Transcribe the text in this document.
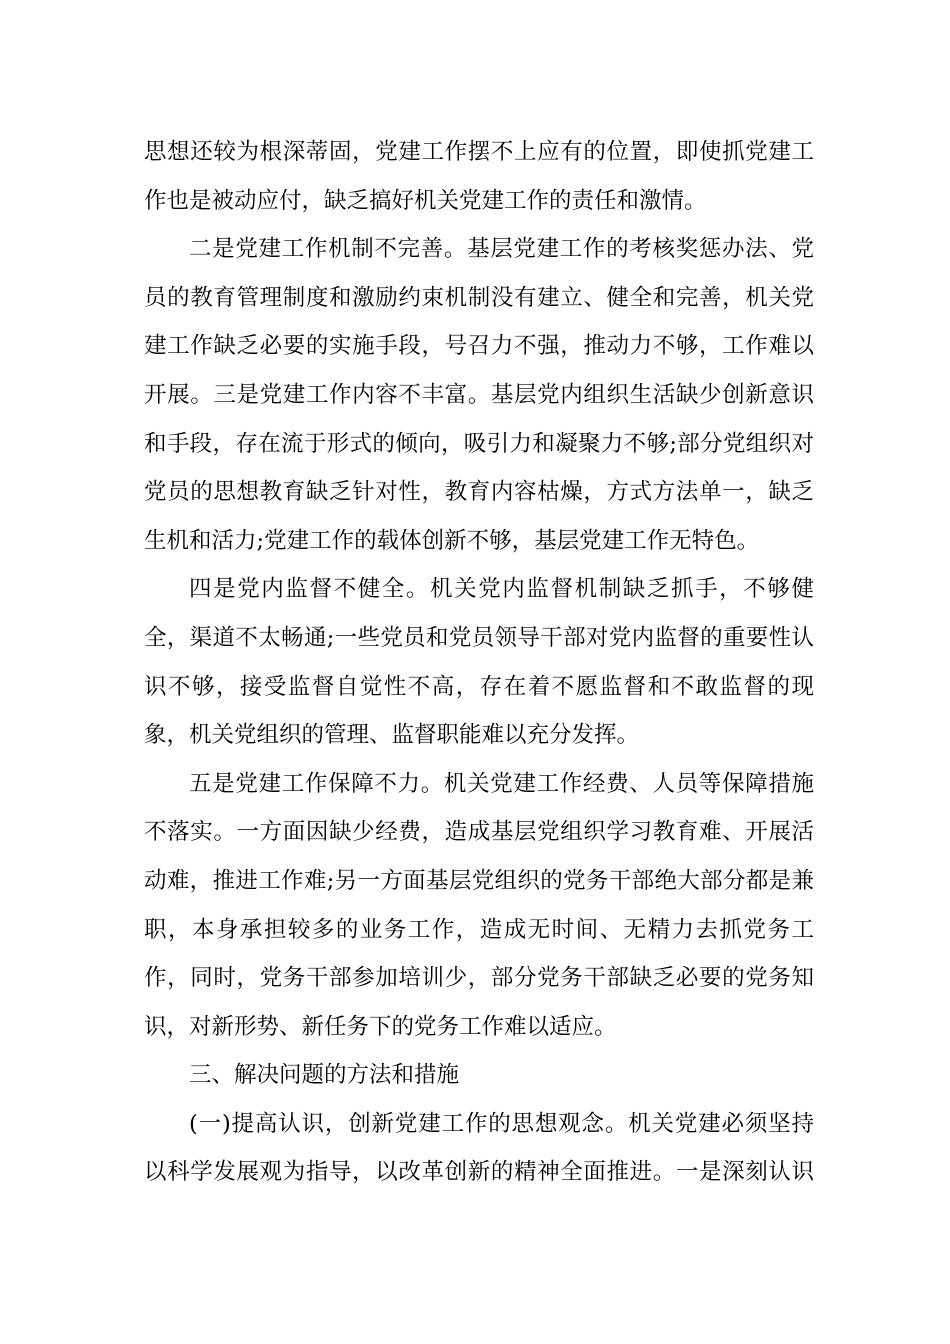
思想还较为根深蒂固，党建工作摆不上应有的位置，即使抓党建工
作也是被动应付，缺乏搞好机关党建工作的责任和激情。
二是党建工作机制不完善。基层党建工作的考核奖惩办法、党
员的教育管理制度和激励约束机制没有建立、健全和完善，机关党
建工作缺乏必要的实施手段，号召力不强，推动力不够，工作难以
开展。三是党建工作内容不丰富。基层党内组织生活缺少创新意识
和手段，存在流于形式的倾向，吸引力和凝聚力不够;部分党组织对
党员的思想教育缺乏针对性，教育内容枯燥，方式方法单一，缺乏
生机和活力;党建工作的载体创新不够，基层党建工作无特色。
四是党内监督不健全。机关党内监督机制缺乏抓手，不够健
全，渠道不太畅通;一些党员和党员领导干部对党内监督的重要性认
识不够，接受监督自觉性不高，存在着不愿监督和不敢监督的现
象，机关党组织的管理、监督职能难以充分发挥。
五是党建工作保障不力。机关党建工作经费、人员等保障措施
不落实。一方面因缺少经费，造成基层党组织学习教育难、开展活
动难，推进工作难;另一方面基层党组织的党务干部绝大部分都是兼
职，本身承担较多的业务工作，造成无时间、无精力去抓党务工
作，同时，党务干部参加培训少，部分党务干部缺乏必要的党务知
识，对新形势、新任务下的党务工作难以适应。
三、解决问题的方法和措施
(一)提高认识，创新党建工作的思想观念。机关党建必须坚持
以科学发展观为指导，以改革创新的精神全面推进。一是深刻认识
